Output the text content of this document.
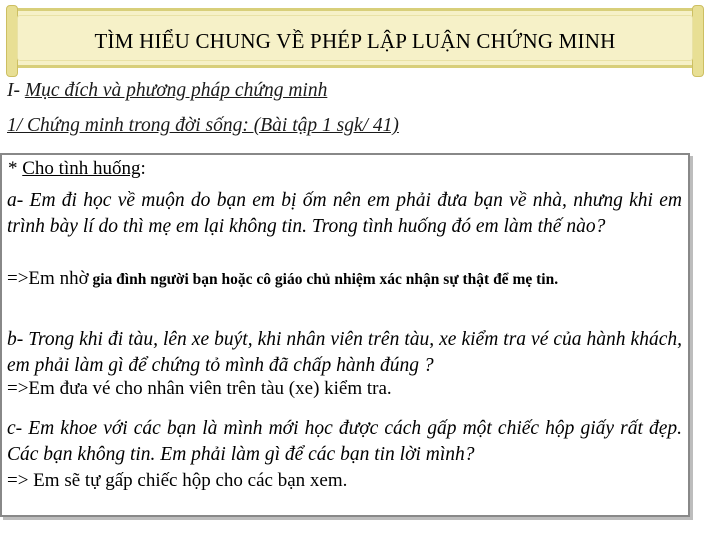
TÌM HIỂU CHUNG VỀ PHÉP LẬP LUẬN CHỨNG MINH
I- Mục đích và phương pháp chứng minh
1/ Chứng minh trong đời sống: (Bài tập 1 sgk/ 41)
* Cho tình huống:
a- Em đi học về muộn do bạn em bị ốm nên em phải đưa bạn về nhà, nhưng khi em trình bày lí do thì mẹ em lại không tin. Trong tình huống đó em làm thế nào?
=>Em nhờ gia đình người bạn hoặc cô giáo chủ nhiệm xác nhận sự thật để mẹ tin.
b- Trong khi đi tàu, lên xe buýt, khi nhân viên trên tàu, xe kiểm tra vé của hành khách, em phải làm gì để chứng tỏ mình đã chấp hành đúng ?
=>Em đưa vé cho nhân viên trên tàu (xe) kiểm tra.
c- Em khoe với các bạn là mình mới học được cách gấp một chiếc hộp giấy rất đẹp. Các bạn không tin. Em phải làm gì để các bạn tin lời mình?
=> Em sẽ tự gấp chiếc hộp cho các bạn xem.
